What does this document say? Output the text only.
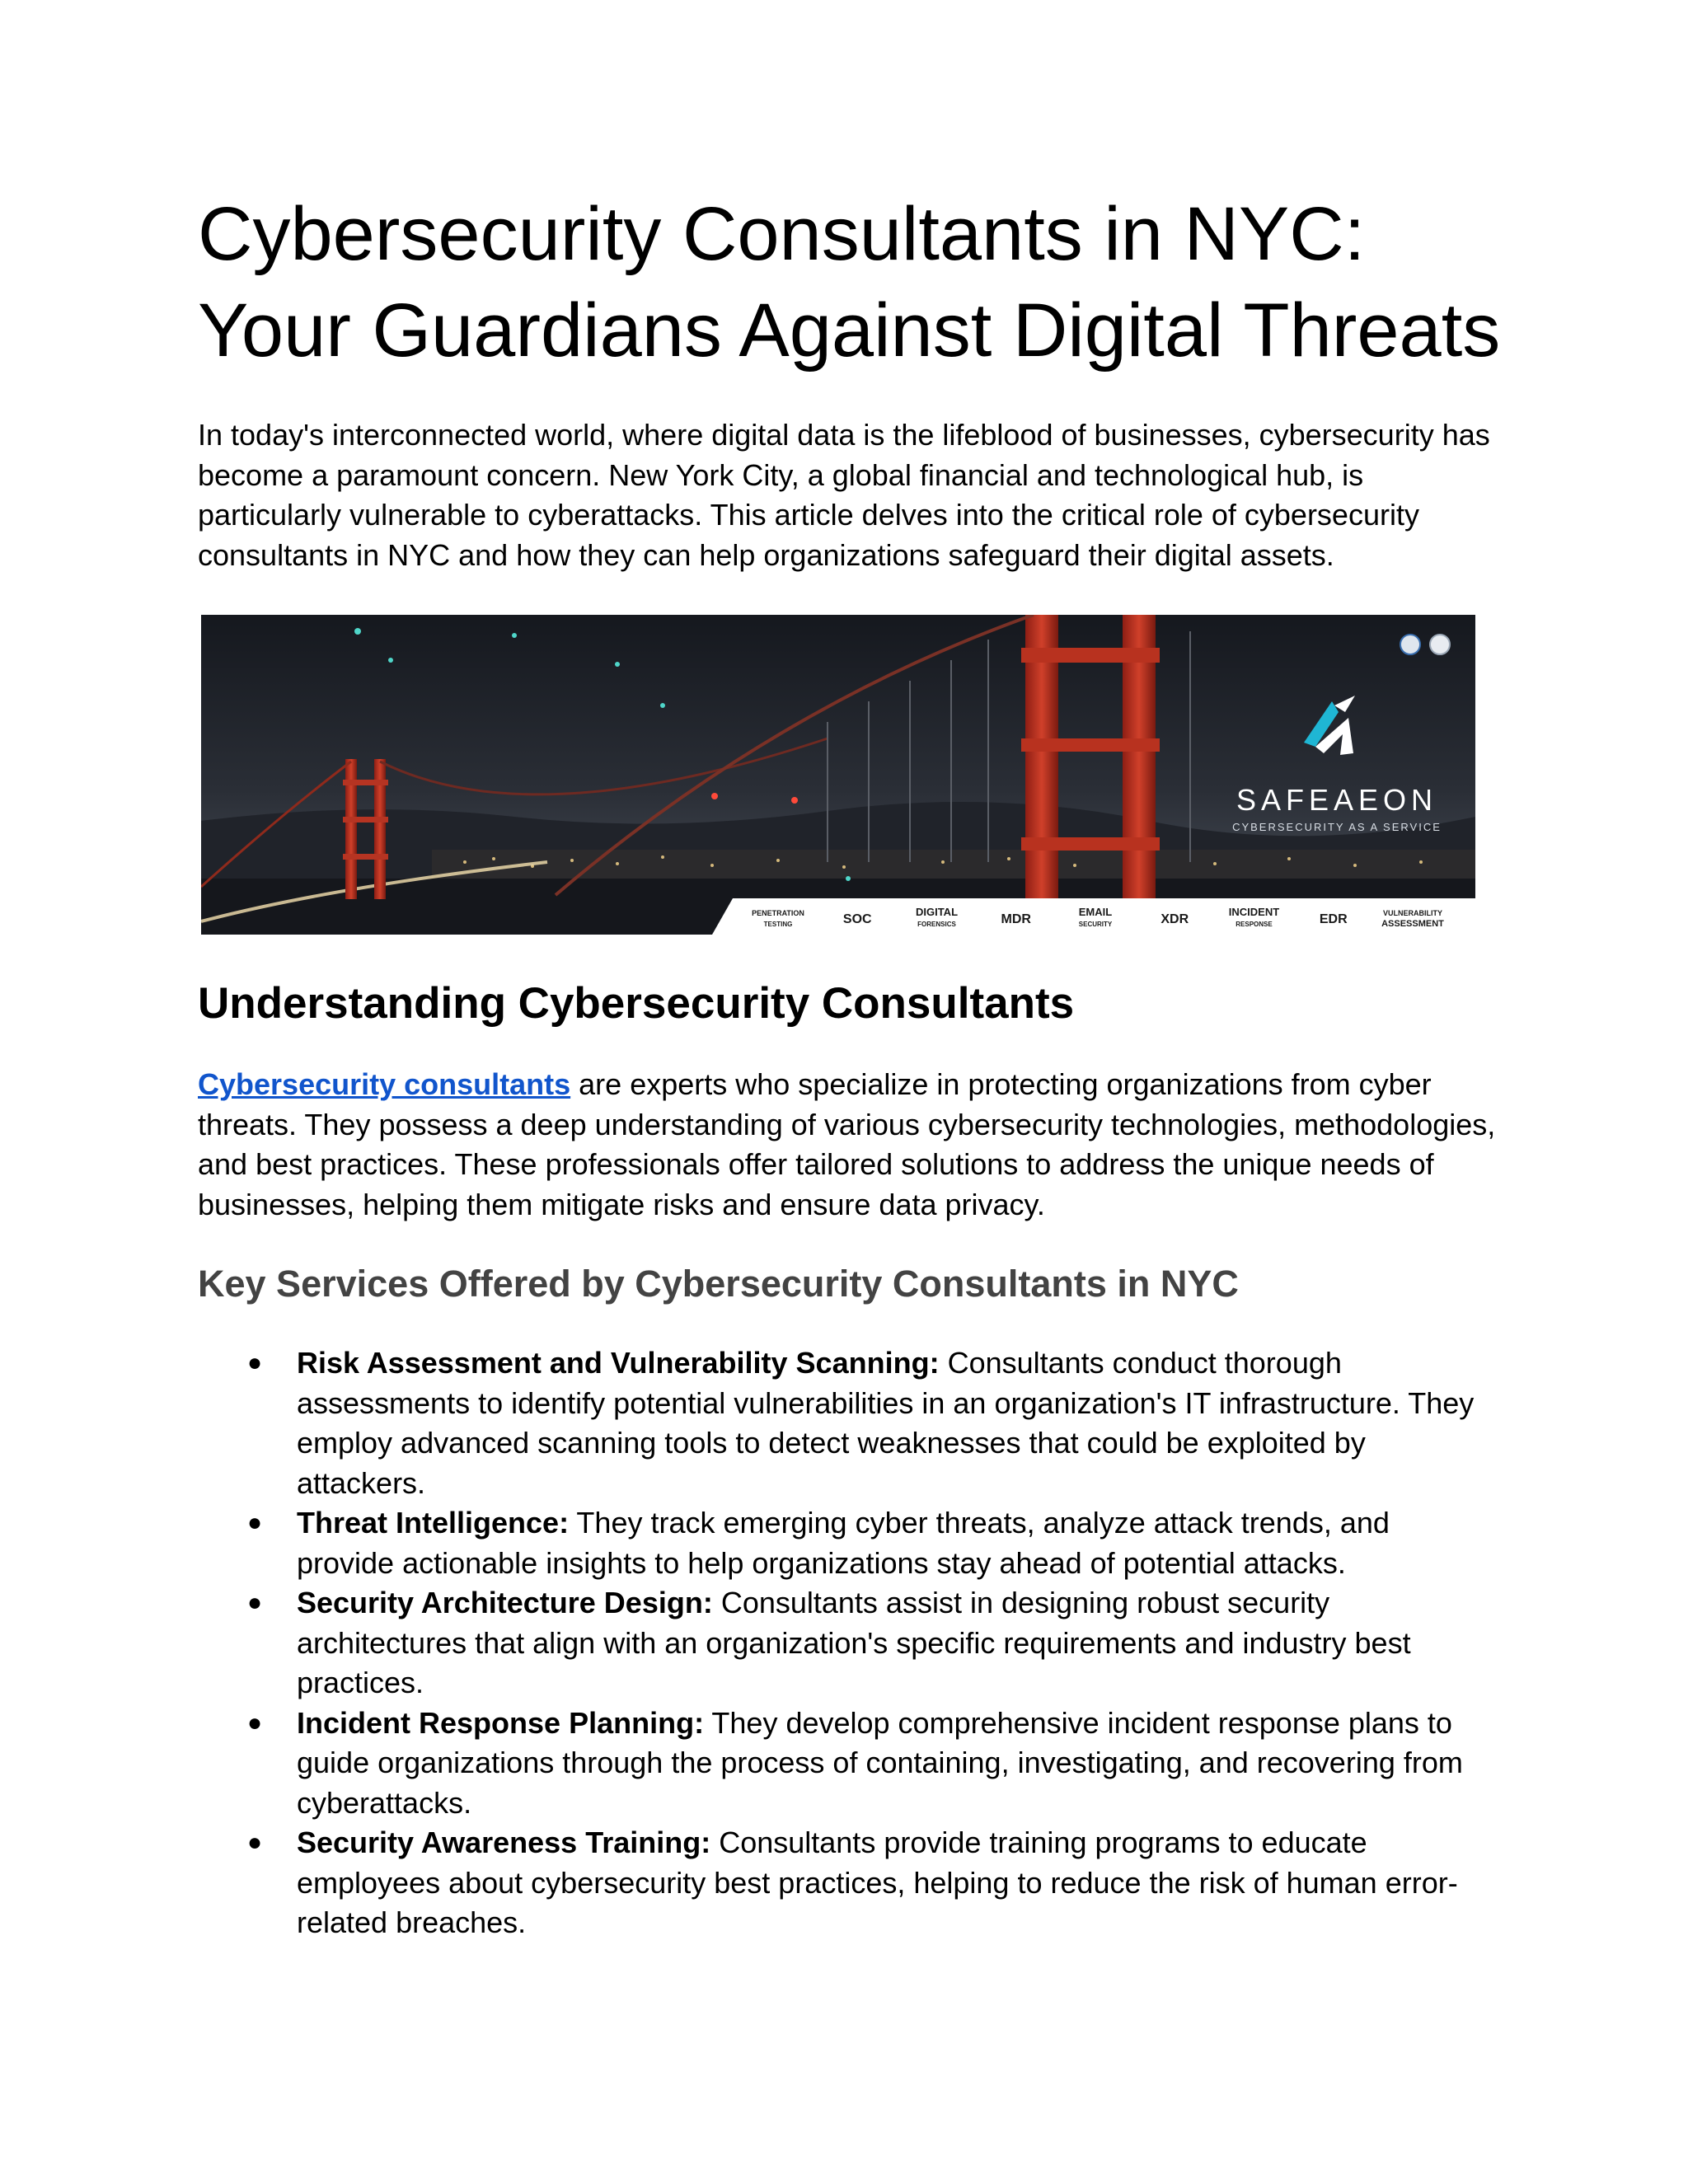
Cybersecurity Consultants in NYC: Your Guardians Against Digital Threats

In today's interconnected world, where digital data is the lifeblood of businesses, cybersecurity has become a paramount concern. New York City, a global financial and technological hub, is particularly vulnerable to cyberattacks. This article delves into the critical role of cybersecurity consultants in NYC and how they can help organizations safeguard their digital assets.

SAFEAEON
CYBERSECURITY AS A SERVICE
PENETRATION
TESTING	SOC
DIGITAL
FORENSICS	MDR
EMAIL
SECURITY	XDR
INCIDENT
RESPONSE	EDR	VULNERABILITY
ASSESSMENT
Understanding Cybersecurity Consultants

Cybersecurity consultants are experts who specialize in protecting organizations from cyber threats. They possess a deep understanding of various cybersecurity technologies, methodologies, and best practices. These professionals offer tailored solutions to address the unique needs of businesses, helping them mitigate risks and ensure data privacy.

Key Services Offered by Cybersecurity Consultants in NYC
● Risk Assessment and Vulnerability Scanning: Consultants conduct thorough assessments to identify potential vulnerabilities in an organization's IT infrastructure. They employ advanced scanning tools to detect weaknesses that could be exploited by attackers.
● Threat Intelligence: They track emerging cyber threats, analyze attack trends, and provide actionable insights to help organizations stay ahead of potential attacks.
● Security Architecture Design: Consultants assist in designing robust security architectures that align with an organization's specific requirements and industry best practices.
● Incident Response Planning: They develop comprehensive incident response plans to guide organizations through the process of containing, investigating, and recovering from cyberattacks.
● Security Awareness Training: Consultants provide training programs to educate employees about cybersecurity best practices, helping to reduce the risk of human error-related breaches.
